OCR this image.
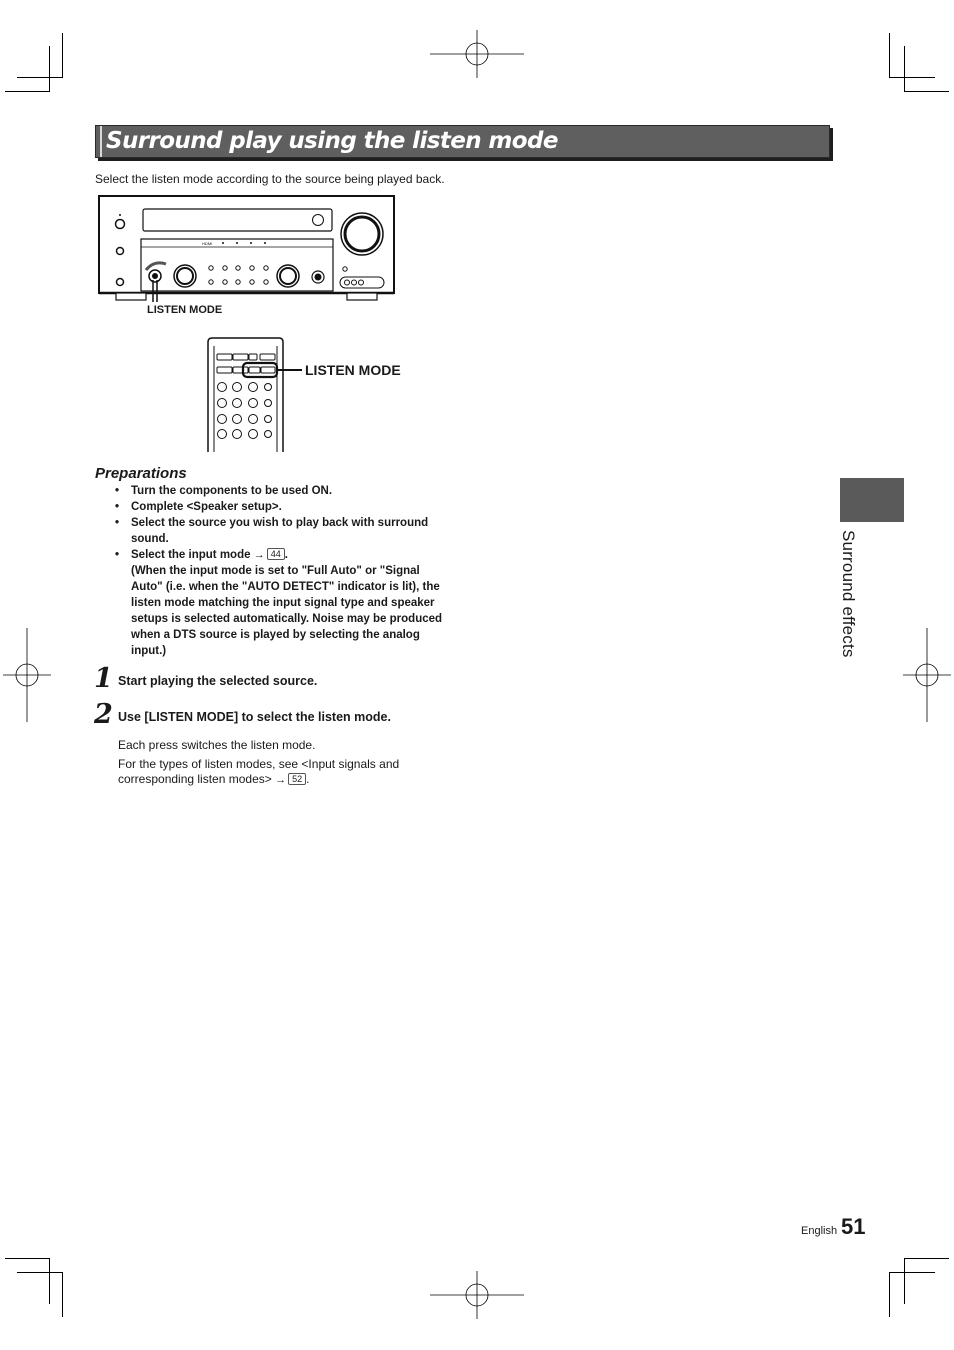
Surround play using the listen mode
Select the listen mode according to the source being played back.
HDMI
LISTEN MODE
LISTEN MODE
Preparations
• Turn the components to be used ON.
• Complete <Speaker setup>.
• Select the source you wish to play back with surround sound.
• Select the input mode → 44 .
(When the input mode is set to "Full Auto" or "Signal Auto" (i.e. when the "AUTO DETECT" indicator is lit), the listen mode matching the input signal type and speaker setups is selected automatically. Noise may be produced when a DTS source is played by selecting the analog input.)
1 Start playing the selected source.
2 Use [LISTEN MODE] to select the listen mode.
Each press switches the listen mode.
For the types of listen modes, see <Input signals and
corresponding listen modes> → 52 .
Surround effects
English 51
